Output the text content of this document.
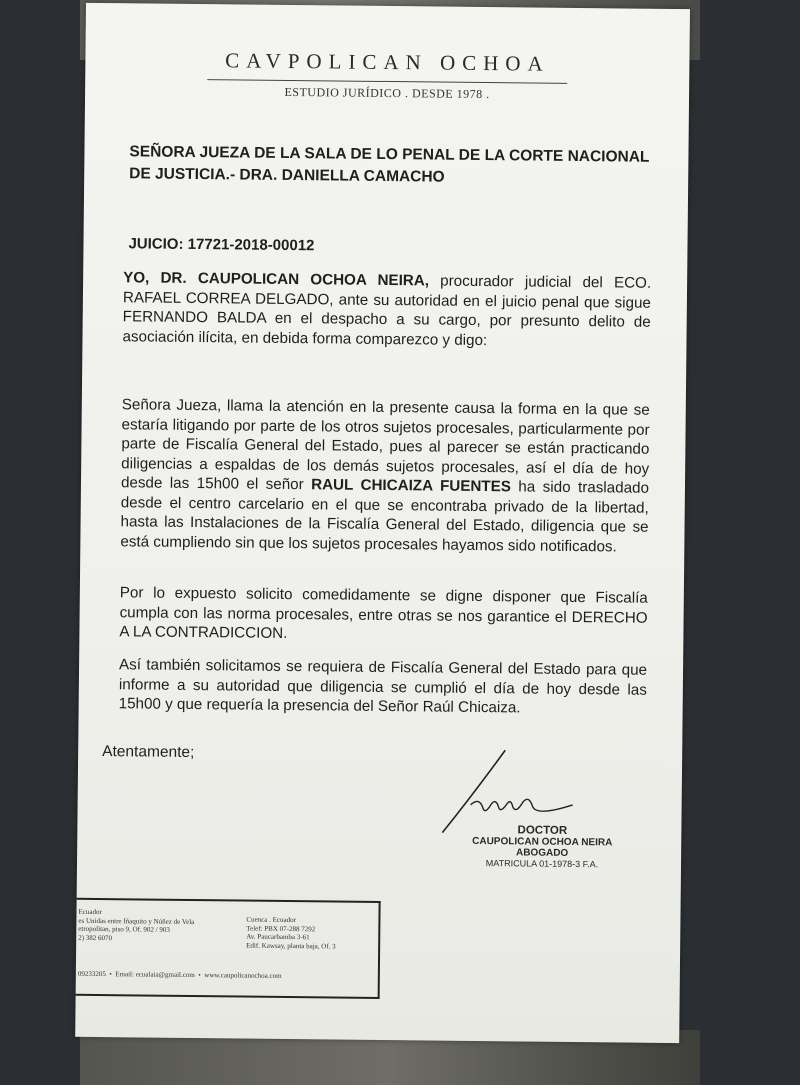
CAVPOLICAN OCHOA
ESTUDIO JURÍDICO . DESDE 1978 .
SEÑORA JUEZA DE LA SALA DE LO PENAL DE LA CORTE NACIONAL DE JUSTICIA.- DRA. DANIELLA CAMACHO
JUICIO: 17721-2018-00012
YO, DR. CAUPOLICAN OCHOA NEIRA, procurador judicial del ECO. RAFAEL CORREA DELGADO, ante su autoridad en el juicio penal que sigue FERNANDO BALDA en el despacho a su cargo, por presunto delito de asociación ilícita, en debida forma comparezco y digo:
Señora Jueza, llama la atención en la presente causa la forma en la que se estaría litigando por parte de los otros sujetos procesales, particularmente por parte de Fiscalía General del Estado, pues al parecer se están practicando diligencias a espaldas de los demás sujetos procesales, así el día de hoy desde las 15h00 el señor RAUL CHICAIZA FUENTES ha sido trasladado desde el centro carcelario en el que se encontraba privado de la libertad, hasta las Instalaciones de la Fiscalía General del Estado, diligencia que se está cumpliendo sin que los sujetos procesales hayamos sido notificados.
Por lo expuesto solicito comedidamente se digne disponer que Fiscalía cumpla con las norma procesales, entre otras se nos garantice el DERECHO A LA CONTRADICCION.
Así también solicitamos se requiera de Fiscalía General del Estado para que informe a su autoridad que diligencia se cumplió el día de hoy desde las 15h00 y que requería la presencia del Señor Raúl Chicaiza.
Atentamente;
DOCTOR
CAUPOLICAN OCHOA NEIRA
ABOGADO
MATRICULA 01-1978-3 F.A.
Ecuador
es Unidas entre Iñaquito y Núñez de Vela
etropolitan, piso 9, Of. 902 / 903
2) 382 6070
Cuenca . Ecuador
Telef: PBX 07-288 7292
Av. Paucarbamba 3-61
Edif. Kawsay, planta baja, Of. 3
09233205  •  Email: ecualaia@gmail.com  •  www.caupolicanochoa.com
